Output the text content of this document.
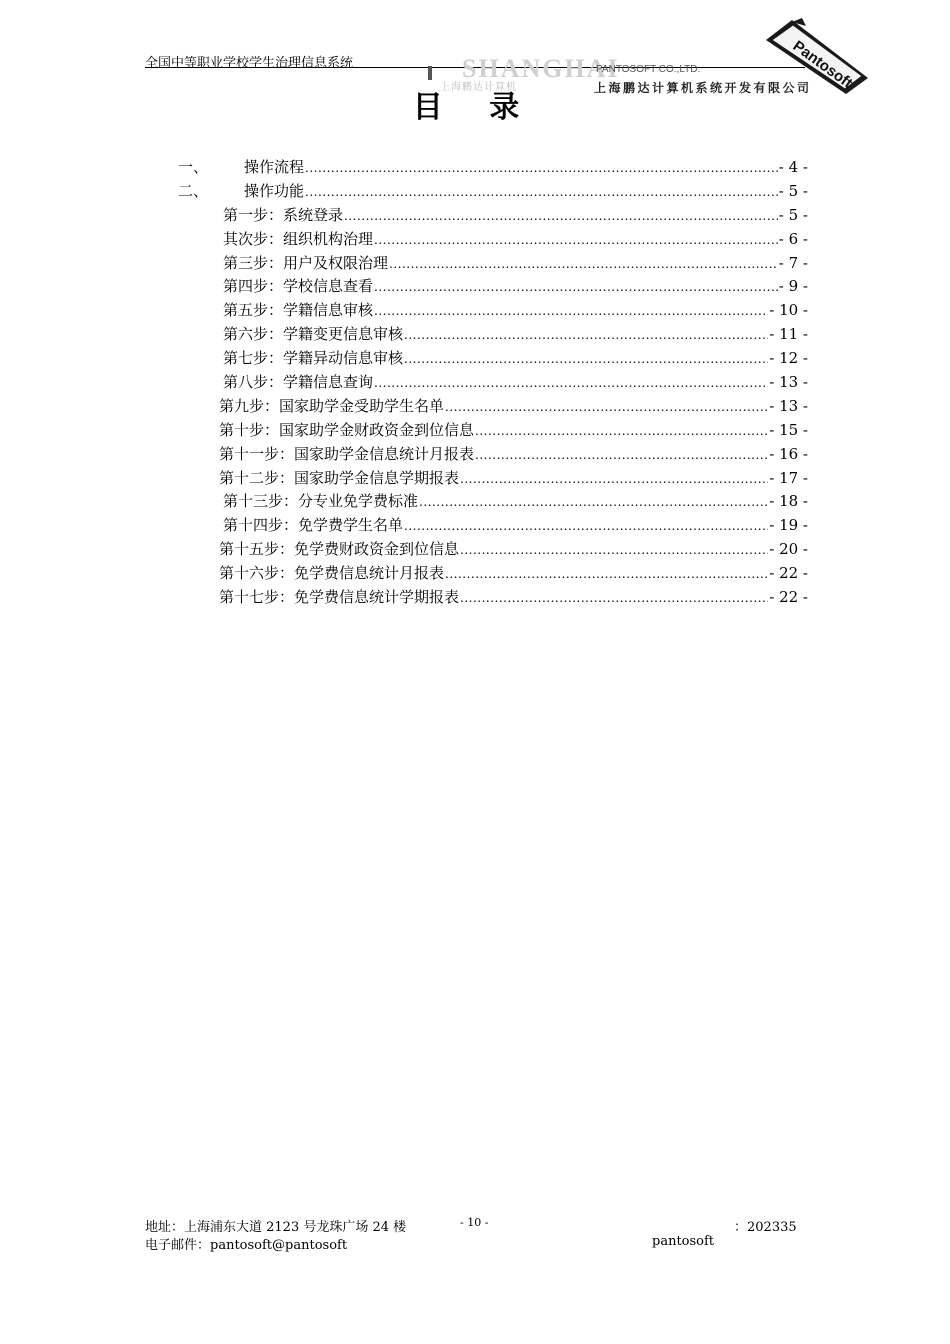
全国中等职业学校学生治理信息系统	SHANGHAI
上海鹏达计算机
PANTOSOFT CO.,LTD.
上海鹏达计算机系统开发有限公司
Pantosoft
目 录
一、	操作流程 .....	- 4 -
二、	操作功能 .....	- 5 -
第一步：系统登录 .....	- 5 -
其次步：组织机构治理 .....	- 6 -
第三步：用户及权限治理 .....	- 7 -
第四步：学校信息查看 .....	- 9 -
第五步：学籍信息审核 .....	- 10 -
第六步：学籍变更信息审核 .....	- 11 -
第七步：学籍异动信息审核 .....	- 12 -
第八步：学籍信息查询 .....	- 13 -
第九步：国家助学金受助学生名单 .....	- 13 -
第十步：国家助学金财政资金到位信息 .....	- 15 -
第十一步：国家助学金信息统计月报表 .....	- 16 -
第十二步：国家助学金信息学期报表 .....	- 17 -
第十三步：分专业免学费标准 .....	- 18 -
第十四步：免学费学生名单 .....	- 19 -
第十五步：免学费财政资金到位信息 .....	- 20 -
第十六步：免学费信息统计月报表 .....	- 22 -
第十七步：免学费信息统计学期报表 .....	- 22 -
地址：上海浦东大道 2123 号龙珠广场 24 楼	- 10 -	：202335
电子邮件：pantosoft@pantosoft	pantosoft
